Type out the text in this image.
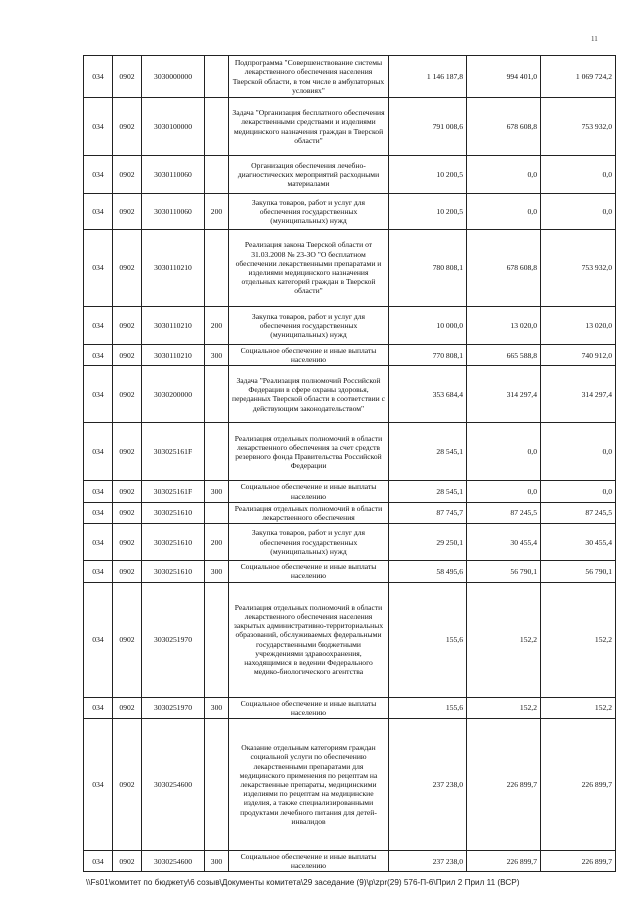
11
034	0902	3030000000		Подпрограмма "Совершенствование системы лекарственного обеспечения населения Тверской области, в том числе в амбулаторных условиях"	1 146 187,8	994 401,0	1 069 724,2
034	0902	3030100000		Задача "Организация бесплатного обеспечения лекарственными средствами и изделиями медицинского назначения граждан в Тверской области"	791 008,6	678 608,8	753 932,0
034	0902	3030110060		Организация обеспечения лечебно-диагностических мероприятий расходными материалами	10 200,5	0,0	0,0
034	0902	3030110060	200	Закупка товаров, работ и услуг для обеспечения государственных (муниципальных) нужд	10 200,5	0,0	0,0
034	0902	3030110210		Реализация закона Тверской области от 31.03.2008 № 23-ЗО "О бесплатном обеспечении лекарственными препаратами и изделиями медицинского назначения отдельных категорий граждан в Тверской области"	780 808,1	678 608,8	753 932,0
034	0902	3030110210	200	Закупка товаров, работ и услуг для обеспечения государственных (муниципальных) нужд	10 000,0	13 020,0	13 020,0
034	0902	3030110210	300	Социальное обеспечение и иные выплаты населению	770 808,1	665 588,8	740 912,0
034	0902	3030200000		Задача "Реализация полномочий Российской Федерации в сфере охраны здоровья, переданных Тверской области в соответствии с действующим законодательством"	353 684,4	314 297,4	314 297,4
034	0902	303025161F		Реализация отдельных полномочий в области лекарственного обеспечения за счет средств резервного фонда Правительства Российской Федерации	28 545,1	0,0	0,0
034	0902	303025161F	300	Социальное обеспечение и иные выплаты населению	28 545,1	0,0	0,0
034	0902	3030251610		Реализация отдельных полномочий в области лекарственного обеспечения	87 745,7	87 245,5	87 245,5
034	0902	3030251610	200	Закупка товаров, работ и услуг для обеспечения государственных (муниципальных) нужд	29 250,1	30 455,4	30 455,4
034	0902	3030251610	300	Социальное обеспечение и иные выплаты населению	58 495,6	56 790,1	56 790,1
034	0902	3030251970		Реализация отдельных полномочий в области лекарственного обеспечения населения закрытых административно-территориальных образований, обслуживаемых федеральными государственными бюджетными учреждениями здравоохранения, находящимися в ведении Федерального медико-биологического агентства	155,6	152,2	152,2
034	0902	3030251970	300	Социальное обеспечение и иные выплаты населению	155,6	152,2	152,2
034	0902	3030254600		Оказание отдельным категориям граждан социальной услуги по обеспечению лекарственными препаратами для медицинского применения по рецептам на лекарственные препараты, медицинскими изделиями по рецептам на медицинские изделия, а также специализированными продуктами лечебного питания для детей-инвалидов	237 238,0	226 899,7	226 899,7
034	0902	3030254600	300	Социальное обеспечение и иные выплаты населению	237 238,0	226 899,7	226 899,7
\\Fs01\комитет по бюджету\6 созыв\Документы комитета\29 заседание (9)\p\zpr(29) 576-П-6\Прил 2 Прил 11 (ВСР)
